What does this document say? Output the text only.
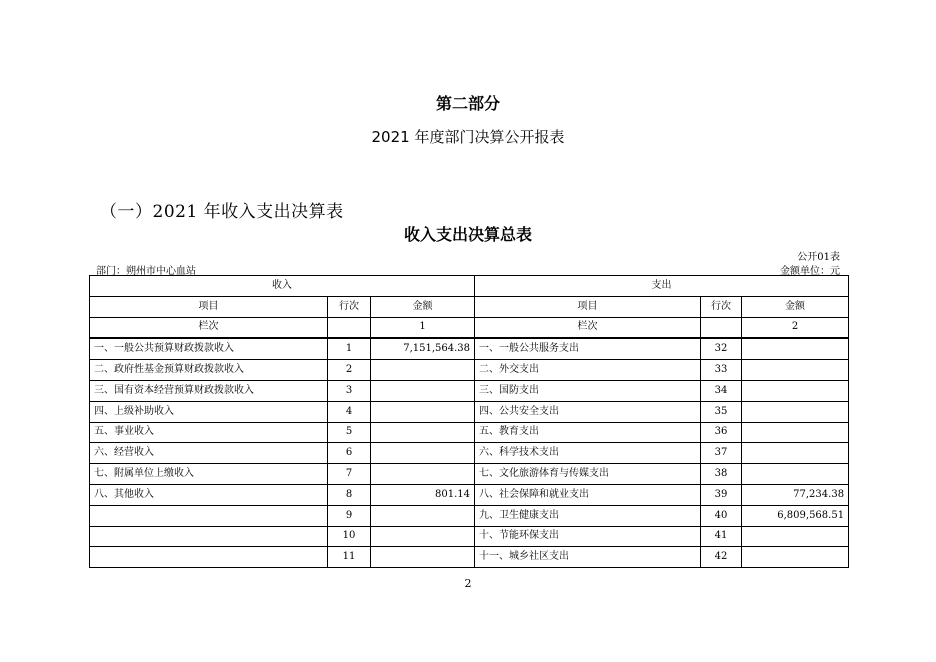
第二部分
2021 年度部门决算公开报表
（一）2021 年收入支出决算表
收入支出决算总表
公开01表
部门：朔州市中心血站	金额单位：元
收入			支出		
项目	行次	金额	项目	行次	金额
栏次		1	栏次		2
一、一般公共预算财政拨款收入	1	7,151,564.38	一、一般公共服务支出	32	
二、政府性基金预算财政拨款收入	2		二、外交支出	33	
三、国有资本经营预算财政拨款收入	3		三、国防支出	34	
四、上级补助收入	4		四、公共安全支出	35	
五、事业收入	5		五、教育支出	36	
六、经营收入	6		六、科学技术支出	37	
七、附属单位上缴收入	7		七、文化旅游体育与传媒支出	38	
八、其他收入	8	801.14	八、社会保障和就业支出	39	77,234.38
	9		九、卫生健康支出	40	6,809,568.51
	10		十、节能环保支出	41	
	11		十一、城乡社区支出	42	
2
